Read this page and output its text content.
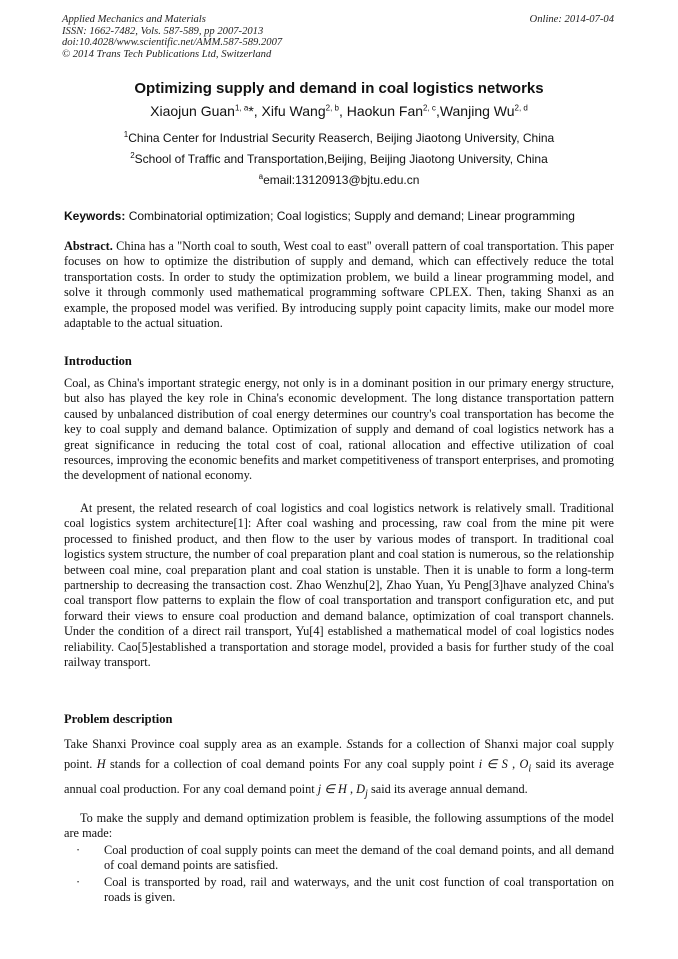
Applied Mechanics and Materials
ISSN: 1662-7482, Vols. 587-589, pp 2007-2013
doi:10.4028/www.scientific.net/AMM.587-589.2007
© 2014 Trans Tech Publications Ltd, Switzerland
Online: 2014-07-04
Optimizing supply and demand in coal logistics networks
Xiaojun Guan$^{1, a}$*, Xifu Wang$^{2, b}$, Haokun Fan$^{2, c}$,Wanjing Wu$^{2, d}$
$^1$China Center for Industrial Security Reaserch, Beijing Jiaotong University, China
$^2$School of Traffic and Transportation,Beijing, Beijing Jiaotong University, China
$^a$email:13120913@bjtu.edu.cn
Keywords: Combinatorial optimization; Coal logistics; Supply and demand; Linear programming

Abstract. China has a "North coal to south, West coal to east" overall pattern of coal transportation. This paper focuses on how to optimize the distribution of supply and demand, which can effectively reduce the total transportation costs. In order to study the optimization problem, we build a linear programming model, and solve it through commonly used mathematical programming software CPLEX. Then, taking Shanxi as an example, the proposed model was verified. By introducing supply point capacity limits, make our model more adaptable to the actual situation.

Introduction

Coal, as China's important strategic energy, not only is in a dominant position in our primary energy structure, but also has played the key role in China's economic development. The long distance transportation pattern caused by unbalanced distribution of coal energy determines our country's coal transportation has become the key to coal supply and demand balance. Optimization of supply and demand of coal logistics network has a great significance in reducing the total cost of coal, rational allocation and effective utilization of coal resources, improving the economic benefits and market competitiveness of transport enterprises, and promoting the development of national economy.

At present, the related research of coal logistics and coal logistics network is relatively small. Traditional coal logistics system architecture[1]: After coal washing and processing, raw coal from the mine pit were processed to finished product, and then flow to the user by various modes of transport. In traditional coal logistics system structure, the number of coal preparation plant and coal station is numerous, so the relationship between coal mine, coal preparation plant and coal station is unstable. Then it is unable to form a long-term partnership to decreasing the transaction cost. Zhao Wenzhu[2], Zhao Yuan, Yu Peng[3]have analyzed China's coal transport flow patterns to explain the flow of coal transportation and transport configuration etc, and put forward their views to ensure coal production and demand balance, optimization of coal transport channels. Under the condition of a direct rail transport, Yu[4] established a mathematical model of coal logistics nodes reliability. Cao[5]established a transportation and storage model, provided a basis for further study of the coal railway transport.

Problem description

Take Shanxi Province coal supply area as an example. Sstands for a collection of Shanxi major coal supply point. H stands for a collection of coal demand points For any coal supply point i ∈ S , $O_i$ said its average annual coal production. For any coal demand point j ∈ H , $D_j$ said its average annual demand.

To make the supply and demand optimization problem is feasible, the following assumptions of the model are made:

· Coal production of coal supply points can meet the demand of the coal demand points, and all demand of coal demand points are satisfied.
· Coal is transported by road, rail and waterways, and the unit cost function of coal transportation on roads is given.
